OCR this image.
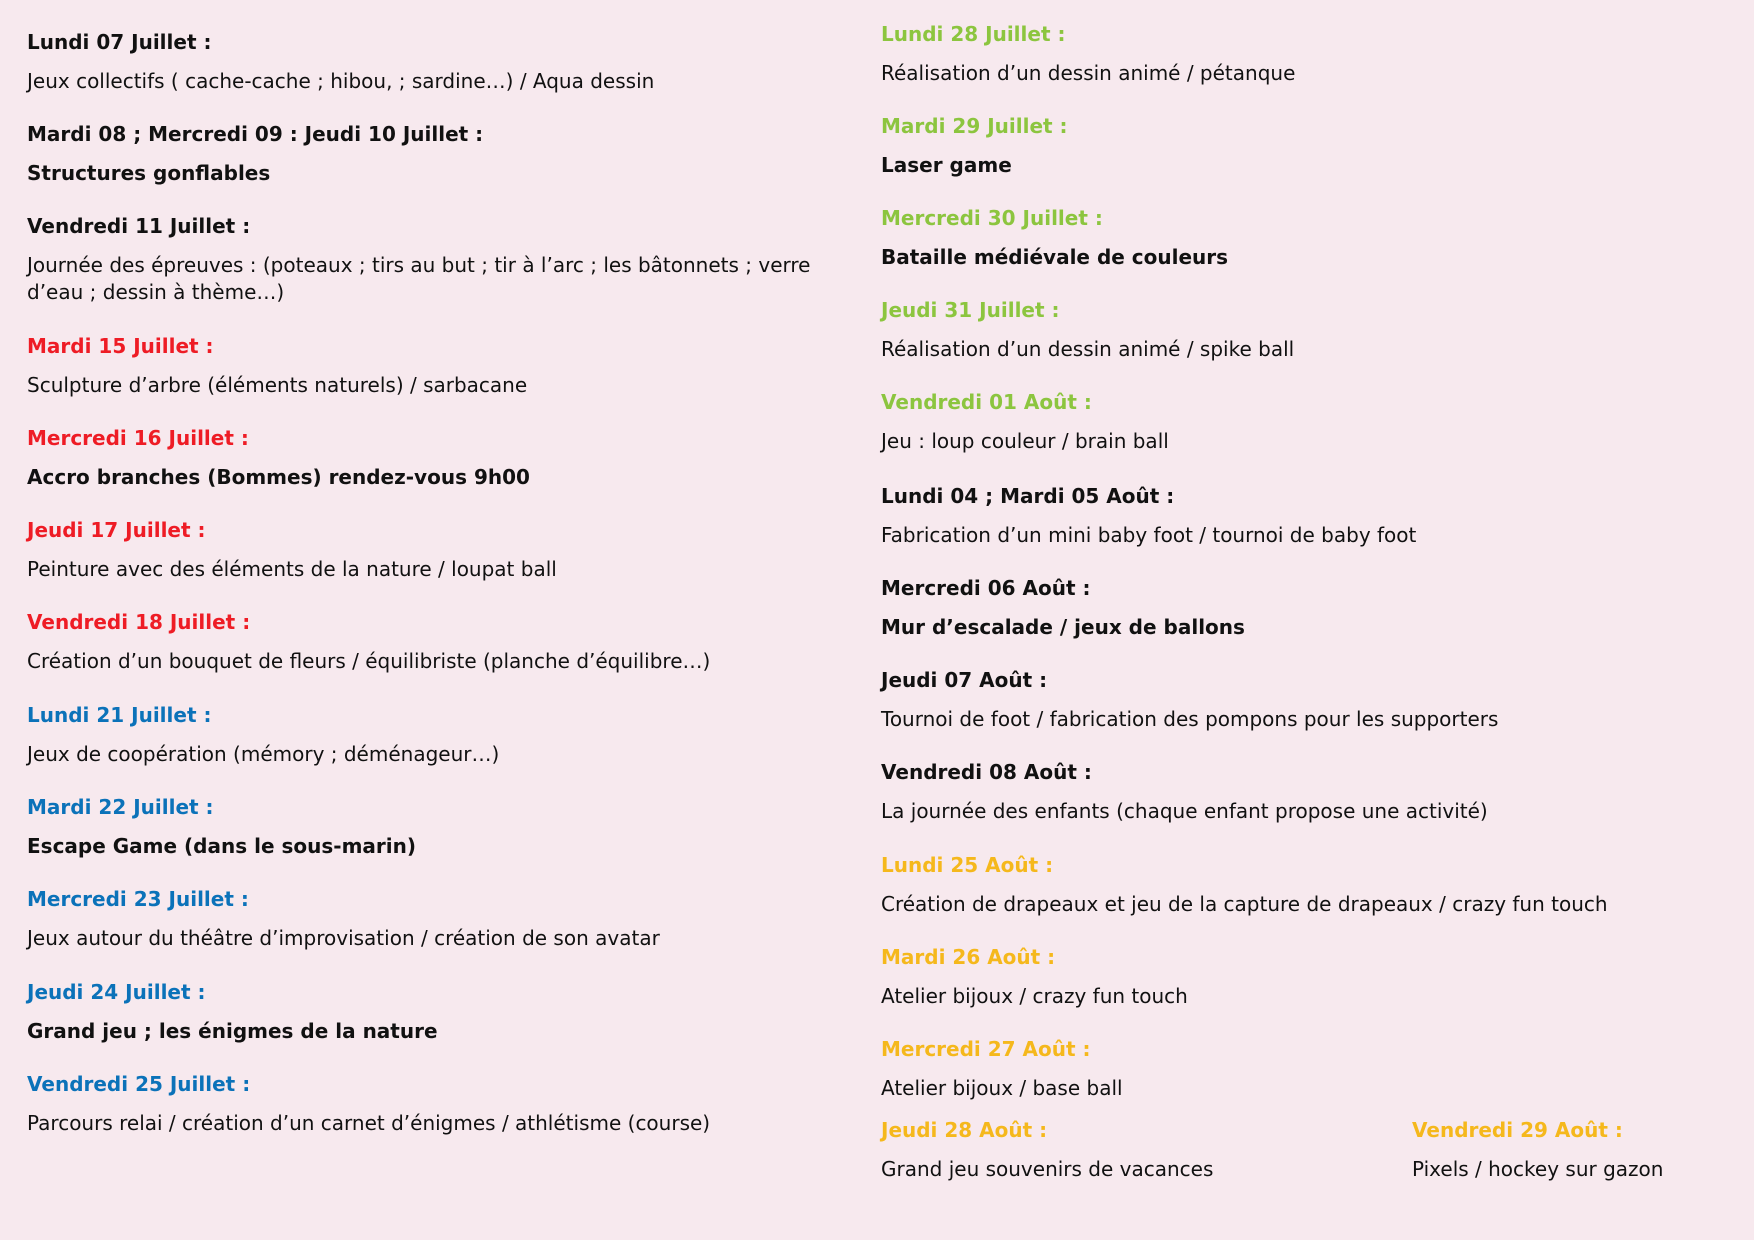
Lundi 07 Juillet :
Jeux collectifs ( cache-cache ; hibou, ; sardine…) / Aqua dessin
Mardi 08 ; Mercredi 09 : Jeudi 10 Juillet :
Structures gonflables
Vendredi 11 Juillet :
Journée des épreuves : (poteaux ; tirs au but ; tir à l’arc ; les bâtonnets ; verre d’eau ; dessin à thème…)
Mardi 15 Juillet :
Sculpture d’arbre (éléments naturels) / sarbacane
Mercredi 16 Juillet :
Accro branches (Bommes) rendez-vous 9h00
Jeudi 17 Juillet :
Peinture avec des éléments de la nature / loupat ball
Vendredi 18 Juillet :
Création d’un bouquet de fleurs / équilibriste (planche d’équilibre…)
Lundi 21 Juillet :
Jeux de coopération (mémory ; déménageur…)
Mardi 22 Juillet :
Escape Game (dans le sous-marin)
Mercredi 23 Juillet :
Jeux autour du théâtre d’improvisation / création de son avatar
Jeudi 24 Juillet :
Grand jeu ; les énigmes de la nature
Vendredi 25 Juillet :
Parcours relai / création d’un carnet d’énigmes / athlétisme (course)
Lundi 28 Juillet :
Réalisation d’un dessin animé / pétanque
Mardi 29 Juillet :
Laser game
Mercredi 30 Juillet :
Bataille médiévale de couleurs
Jeudi 31 Juillet :
Réalisation d’un dessin animé / spike ball
Vendredi 01 Août :
Jeu : loup couleur / brain ball
Lundi 04 ; Mardi 05 Août :
Fabrication d’un mini baby foot / tournoi de baby foot
Mercredi 06 Août :
Mur d’escalade / jeux de ballons
Jeudi 07 Août :
Tournoi de foot / fabrication des pompons pour les supporters
Vendredi 08 Août :
La journée des enfants (chaque enfant propose une activité)
Lundi 25 Août :
Création de drapeaux et jeu de la capture de drapeaux / crazy fun touch
Mardi 26 Août :
Atelier bijoux / crazy fun touch
Mercredi 27 Août :
Atelier bijoux / base ball
Jeudi 28 Août :
Grand jeu souvenirs de vacances
Vendredi 29 Août :
Pixels / hockey sur gazon
